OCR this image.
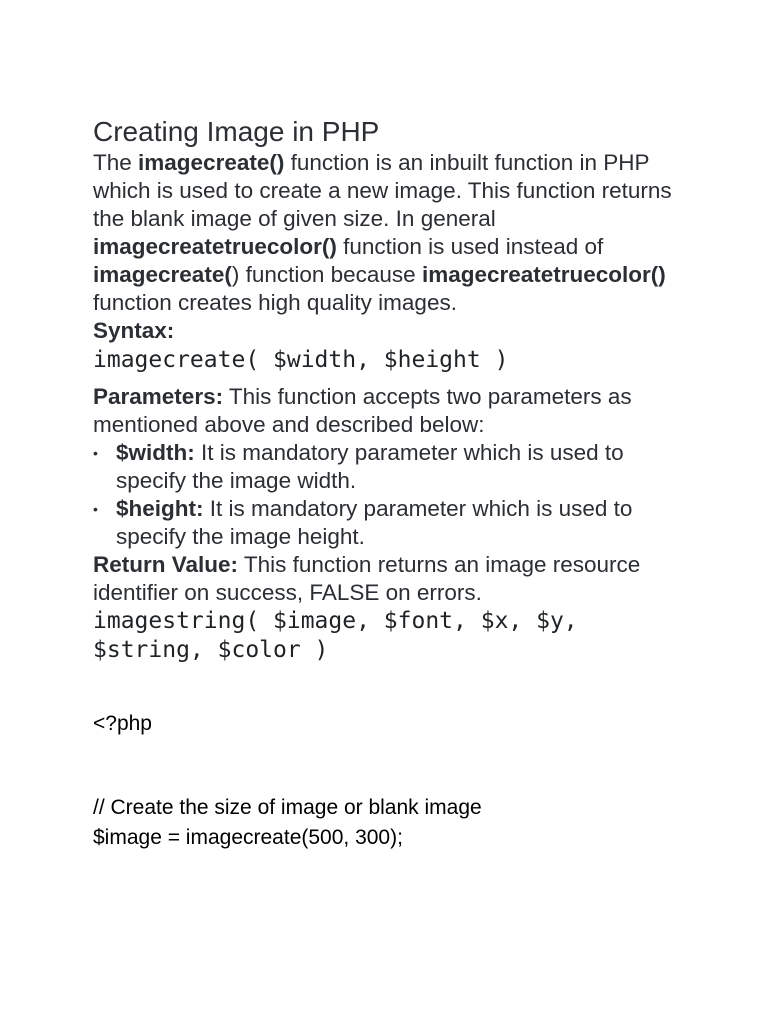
Creating Image in PHP

The imagecreate() function is an inbuilt function in PHP which is used to create a new image. This function returns the blank image of given size. In general imagecreatetruecolor() function is used instead of imagecreate() function because imagecreatetruecolor() function creates high quality images.

Syntax:

imagecreate( $width, $height )

Parameters: This function accepts two parameters as mentioned above and described below:

• $width: It is mandatory parameter which is used to specify the image width.
• $height: It is mandatory parameter which is used to specify the image height.

Return Value: This function returns an image resource identifier on success, FALSE on errors.

imagestring( $image, $font, $x, $y, $string, $color )

<?php

// Create the size of image or blank image

$image = imagecreate(500, 300);
